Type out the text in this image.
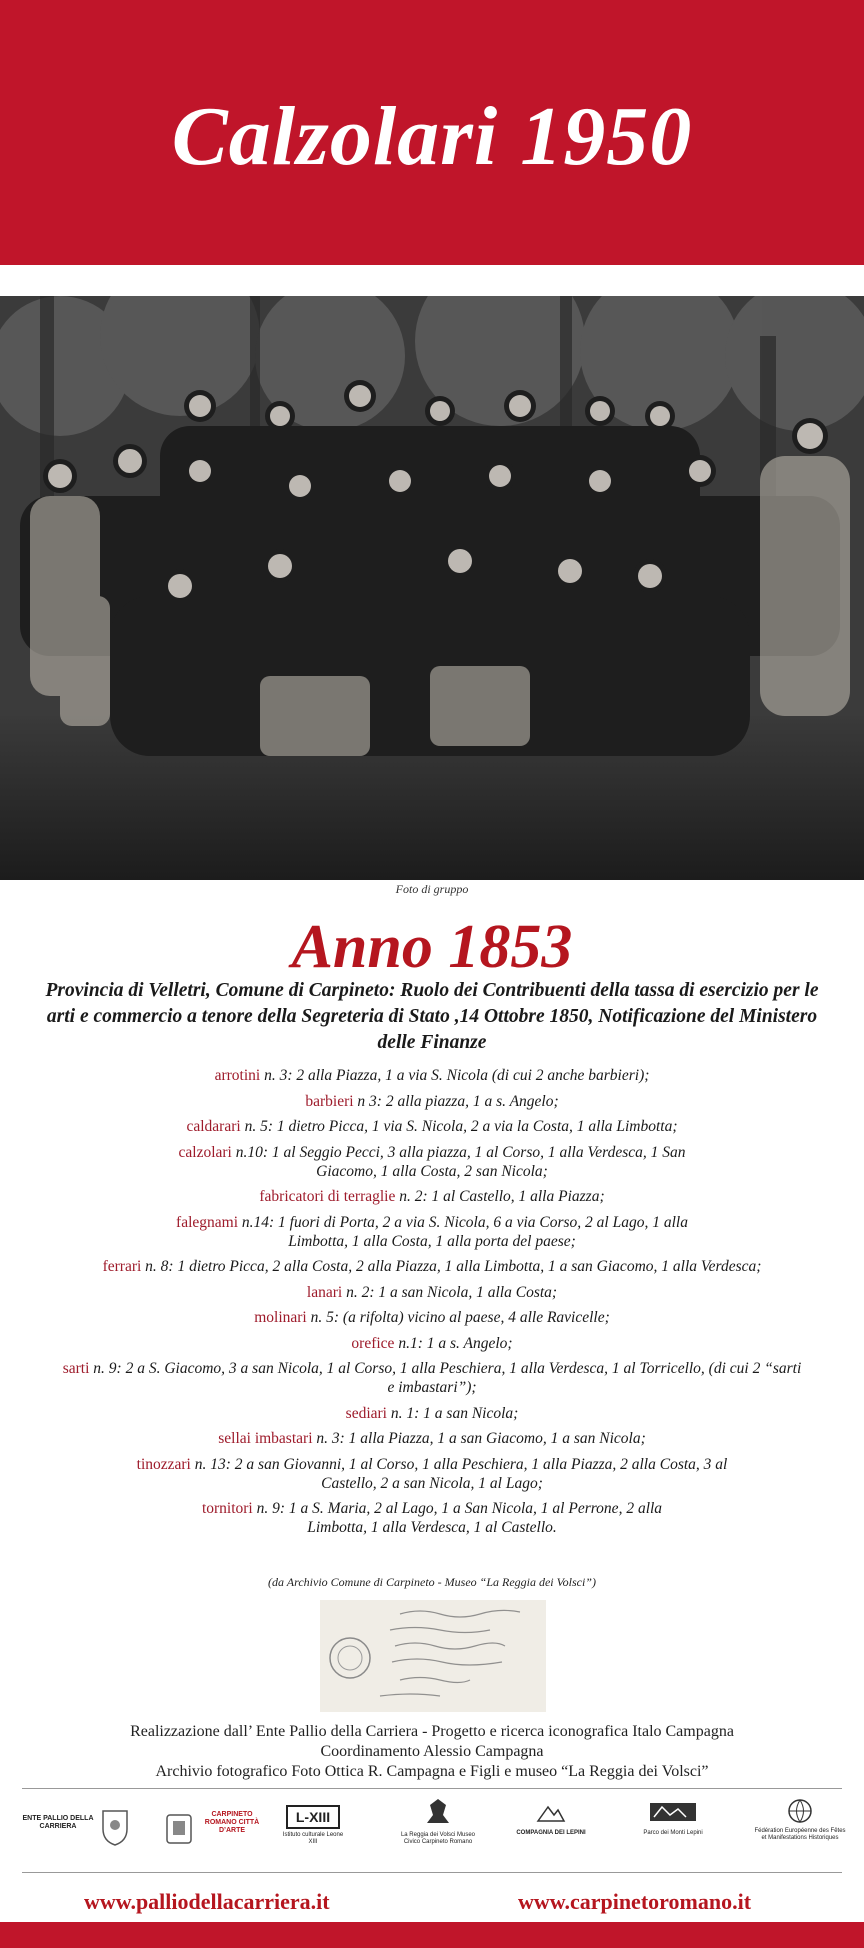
Calzolari 1950
Foto di gruppo
Anno 1853

Provincia di Velletri, Comune di Carpineto: Ruolo dei Contribuenti della tassa di esercizio per le arti e commercio a tenore della Segreteria di Stato ,14 Ottobre 1850, Notificazione del Ministero delle Finanze

arrotini n. 3: 2 alla Piazza, 1 a via S. Nicola (di cui 2 anche barbieri);
barbieri n 3: 2 alla piazza, 1 a s. Angelo;
caldarari n. 5: 1 dietro Picca, 1 via S. Nicola, 2 a via la Costa, 1 alla Limbotta;
calzolari n.10: 1 al Seggio Pecci, 3 alla piazza, 1 al Corso, 1 alla Verdesca, 1 San Giacomo, 1 alla Costa, 2 san Nicola;
fabricatori di terraglie n. 2: 1 al Castello, 1 alla Piazza;
falegnami n.14: 1 fuori di Porta, 2 a via S. Nicola, 6 a via Corso, 2 al Lago, 1 alla Limbotta, 1 alla Costa, 1 alla porta del paese;
ferrari n. 8: 1 dietro Picca, 2 alla Costa, 2 alla Piazza, 1 alla Limbotta, 1 a san Giacomo, 1 alla Verdesca;
lanari n. 2: 1 a san Nicola, 1 alla Costa;
molinari n. 5: (a rifolta) vicino al paese, 4 alle Ravicelle;
orefice n.1: 1 a s. Angelo;
sarti n. 9: 2 a S. Giacomo, 3 a san Nicola, 1 al Corso, 1 alla Peschiera, 1 alla Verdesca, 1 al Torricello, (di cui 2 “sarti e imbastari”);
sediari n. 1: 1 a san Nicola;
sellai imbastari n. 3: 1 alla Piazza, 1 a san Giacomo, 1 a san Nicola;
tinozzari n. 13: 2 a san Giovanni, 1 al Corso, 1 alla Peschiera, 1 alla Piazza, 2 alla Costa, 3 al Castello, 2 a san Nicola, 1 al Lago;
tornitori n. 9: 1 a S. Maria, 2 al Lago, 1 a San Nicola, 1 al Perrone, 2 alla Limbotta, 1 alla Verdesca, 1 al Castello.
(da Archivio Comune di Carpineto - Museo “La Reggia dei Volsci”)
Realizzazione dall’ Ente Pallio della Carriera - Progetto e ricerca iconografica Italo Campagna
Coordinamento Alessio Campagna
Archivio fotografico Foto Ottica R. Campagna e Figli e museo “La Reggia dei Volsci”
ENTE PALLIO DELLA CARRIERA
CARPINETO ROMANO CITTÀ D’ARTE
L-XIII
Istituto culturale Leone XIII
La Reggia dei Volsci Museo Civico Carpineto Romano
COMPAGNIA DEI LEPINI	Parco dei Monti Lepini	Fédération Européenne des Fêtes et Manifestations Historiques
www.palliodellacarriera.it	www.carpinetoromano.it
